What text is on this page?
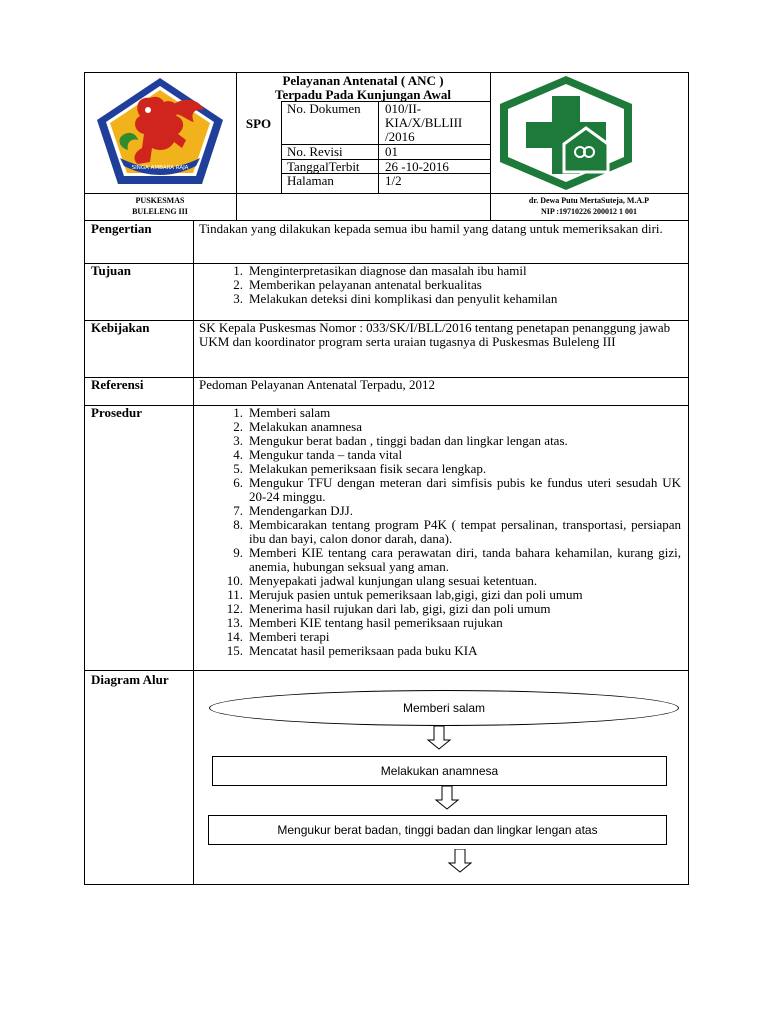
SINGA AMBARA RAJA
Pelayanan Antenatal ( ANC )
Terpadu Pada Kunjungan Awal
SPO
No. Dokumen 010/II-
KIA/X/BLLIII
/2016
No. Revisi	01
TanggalTerbit 26 -10-2016
Halaman	1/2
PUSKESMAS
BULELENG III
dr. Dewa Putu MertaSuteja, M.A.P
NIP :19710226 200012 1 001
Pengertian
Tujuan
Kebijakan
Referensi
Prosedur
Diagram Alur
Tindakan yang dilakukan kepada semua ibu hamil yang datang untuk memeriksakan diri.
1. Menginterpretasikan diagnose dan masalah ibu hamil
2. Memberikan pelayanan antenatal berkualitas
3. Melakukan deteksi dini komplikasi dan penyulit kehamilan
SK Kepala Puskesmas Nomor : 033/SK/I/BLL/2016 tentang penetapan penanggung jawab UKM dan koordinator program serta uraian tugasnya di Puskesmas Buleleng III
Pedoman Pelayanan Antenatal Terpadu, 2012
1. Memberi salam
2. Melakukan anamnesa
3. Mengukur berat badan , tinggi badan dan lingkar lengan atas.
4. Mengukur tanda – tanda vital
5. Melakukan pemeriksaan fisik secara lengkap.
6. Mengukur TFU dengan meteran dari simfisis pubis ke fundus uteri sesudah UK 20-24 minggu.
7. Mendengarkan DJJ.
8. Membicarakan tentang program P4K ( tempat persalinan, transportasi, persiapan ibu dan bayi, calon donor darah, dana).
9. Memberi KIE tentang cara perawatan diri, tanda bahara kehamilan, kurang gizi, anemia, hubungan seksual yang aman.
10. Menyepakati jadwal kunjungan ulang sesuai ketentuan.
11. Merujuk pasien untuk pemeriksaan lab,gigi, gizi dan poli umum
12. Menerima hasil rujukan dari lab, gigi, gizi dan poli umum
13. Memberi KIE tentang hasil pemeriksaan rujukan
14. Memberi terapi
15. Mencatat hasil pemeriksaan pada buku KIA
Memberi salam
Melakukan anamnesa
Mengukur berat badan, tinggi badan dan lingkar lengan atas
